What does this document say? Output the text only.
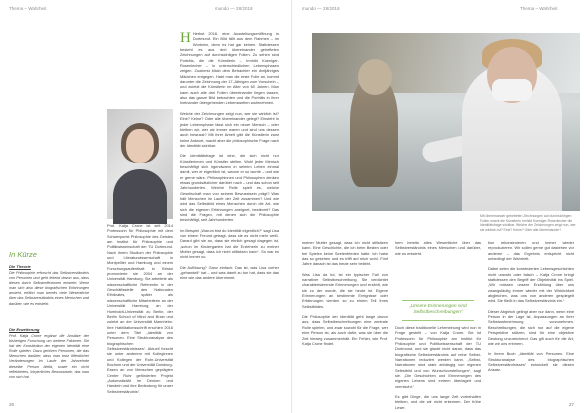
Thema – Wahrheit	mundo — 28/2018

Prof. Katja Crone ist seit 2014 Professorin für Philosophie mit dem Schwerpunkt Philosophie des Geistes am Institut für Philosophie und Politikwissenschaft der TU Dortmund. Nach ihrem Studium der Philosophie und Literaturwissenschaft in Montpellier und Hamburg und einem Forschungsaufenthalt in Bristol promovierte sie 2004 an der Universität Hamburg. Sie arbeitete als wissenschaftliche Referentin in der Geschäftsstelle des Nationalen Ethikrates, später als wissenschaftliche Mitarbeiterin an der Universität Hamburg, an der Humboldt-Universität zu Berlin, der Berlin School of Mind and Brain und zuletzt an der Universität Mannheim. Ihre Habilitationsschrift erschien 2016 unter dem Titel „Identität von Personen. Eine Strukturanalyse des biographischen Selbstverständnisses“. Aktuell forscht sie unter anderem mit Kolleginnen und Kollegen der Ruhr-Universität Bochum und der Universität Duisburg-Essen an von Menschen geprägten Center Ruhr geförderten Projekt „Automatizität im Denken und Handeln und ihre Bedeutung für unser Selbstverständnis“.

In Kürze
Die Theorie
Die Philosophie erforscht das Selbstverständnis von Personen und geht leitend davon aus, dass dieses durch Selbstreflexionen entsteht. Wenn man sich also diese biografischen Erfahrungen ansieht, erfährt man bereits viele Wesentliche über das Selbstverständnis eines Menschen und darüber, wie es entsteht.
Die Erweiterung
Prof. Katja Crone ergänzt die Ansätze der bisherigen Forschung um weitere Faktoren. Sie hat der Konstitution der eigenen Identität eine Rolle spielen. Dazu gehören Personen, die das Menschen darüber, dass man trotz öffentlicher Veränderungen im Laufe der Jahrzehnte dieselbe Person bleibt, sowie ein nicht reflektiertes, körperliches Bewusstsein, das man von sich hat.

H Herbst 2016, eine Ausstellungseröffnung in Dortmund. Ein Bild fällt aus dem Rahmen – im Wortsinn, denn es hat gar keinen. Stattdessen besteht es aus drei übereinander gehefteten Zeichnungen auf durchsichtigen Folien. Zu sehen sind Porträts, die die Künstlerin – Irmhild Koeniger-Rosenlecher – in unterschiedlichen Lebensphasen zeigen. Zuoberst blickt dem Betrachter ein dreijähriges Mädchen entgegen. Habt man die erste Folie an, kommt darunter die Zeichnung der 17-Jährigen zum Vorschein – und zuletzt die Künstlerin im Alter von 60 Jahren. Man kann auch alle drei Folien übereinander liegen lassen, also das ganze Bild betrachten und die Porträts in ihrer Ineinander übergehenden Lebenswelten wahrnehmen.

Welche der Zeichnungen zeigt nun, wer sie wirklich ist? Eine? Keine? Oder alle übereinander gelegt? Einsteht in jeder Lebensphase lässt sich ein neuer Mensch – oder bleiben wir, wer wir immer waren und sind uns dessen auch bewusst? Mit ihrer Arbeit gibt die Künstlerin zwar keine Antwort, macht aber die philosophische Frage nach der Identität sichtbar.

Die Identitätsfrage ist eine, die sich nicht nur Künstlerinnen und Künstler stellen. Wohl jeder Mensch beschäftigt sich irgendwann in seinem Leben einmal damit, wer er eigentlich ist, warum er so wurde – und wie er gerne wäre. Philosophinnen und Philosophen denken etwas grundsätzlicher darüber nach – und das schon seit Jahrhunderten. Welche Rolle spielt es, welche Gesellschaft man von seinem Bewusstsein prägt? Was hält Menschen im Laufe der Zeit zusammen? Und wie wird das Selbstbild eines Menschen durch die Art, wie sich die eigenen Erfahrungen aneignet, bestimmt? Das sind die Fragen, mit denen sich die Philosophie beschäftigt, seit Jahrhunderten.

Im Beispiel „Warum bist du Identität eigentlich?“ sagt Lisa von einem Freund getragt, dass sie es nicht mehr weiß. Darauf gibt sie an, dass sie ehrlich gesagt dagegen ist, „schon im Kindergarten hat die Erzieherin zu meiner Mutter gesagt, dass ich nicht stillsitzen kann“. So war es nicht immer so.

Die Auflösung? Ganz einfach: Das ist, was Lisa vorher „gehandelt“ hat – und was damit zu tun hat, dass sie das eine wie das andere übernimmt.

26
mundo — 28/2018	Thema – Wahrheit
Mit übereinander gehefteten Zeichnungen auf durchsichtigen Folien macht die Künstlerin Irmhild Koeniger-Rosenlecher die Identitätsfrage sichtbar. Welche der Zeichnungen zeigt nun, wer sie wirklich ist? Eine? Keine? Oder alle übereinander?

meiner Mutter gesagt, dass ich nicht stillsitzen kann. Eine Geschichte, die ich beim Besten oder bei Spielen keine Seelenfrieden hatte. Ich habe das so gesehen und es trifft auf mich wohl. Fünf Jahre danach ist das heute sehr beliebt.

Was Lisa da tut, ist ein typischer Fall von narrativer Selbstbeschreibung. Sie verdichtet charakterisierende Erinnerungen und erzählt, wie sie zu der wurde, die sie heute ist. Eigene Erinnerungen an bestimmte Ereignisse oder Erfahrungen werden so zu einem Teil ihres Selbstbildes.

Die Philosophie der Identität geht lange davon aus, dass Selbstbeschreibungen eine zentrale Rolle spielen, und zwar sowohl für die Frage, wer eine Person ist, als auch dafür, was sie über die Zeit hinweg zusammenhält. Ein Fehler, wie Prof. Katja Crone findet.

hem bereits alles Wesentliche über das Selbstverständnis eines Menschen und darüber, wie es entsteht.

„Unsere Erinnerungen sind Selbstbeschreibungen“

Doch diese traditionelle Lehrmeinung wird nun in Frage gestellt – von Katja Crone. Sie ist Professorin für Philosophie am Institut für Philosophie und Politikwissenschaft der TU Dortmund, und sie glaubt nicht daran, dass das biografische Selbstverständnis auf reine Selbst-Narrationen reduziert werden kann. „Selbst-Narrationen sind stark abhängig von eigenen Selbstbild und von Wunschvorstellungen“, sagt sie. „Die Geschichten und Erinnerungen des eigenen Lebens sind extrem überlagert und vermischt.“

Es gibt Dinge, die uns lange Zeit vorbehalten bleiben, und die wir nicht erkennen. Der frühe Leser.

tion rekonstruieren und immer wieder reproduzieren. Wir sollen gerne gut dastehen vor anderen – das Ergebnis entspricht nicht unbedingt der Wahrheit.

Dabei seien die konstruierten Lebensgeschichten nicht unwahr oder falsch – Katja Crone bringt stattdessen den Begriff der Objektivität ins Spiel. „Wir müssen unsere Erzählung über uns zwangsläufig immer wieder mit der Wirklichkeit abgleichen, was uns von anderen gespiegelt wird. Sie fließt in das Selbstverständnis ein.“

Dieser Abgleich gelingt aber nur dann, wenn eine Person in der Lage ist, Anpassungen an ihrer Selbstwahrnehmung vorzunehmen. Beschreibungen, die sich nur auf die eigene Perspektive stützen, sind für eine objektive Deutung unzureichend. Das gilt auch für die Art, wie wir uns erinnern.

In ihrem Buch „Identität von Personen. Eine Strukturanalyse des biographischen Selbstverständnisses“ entwickelt sie diesen Ansatz.

27
